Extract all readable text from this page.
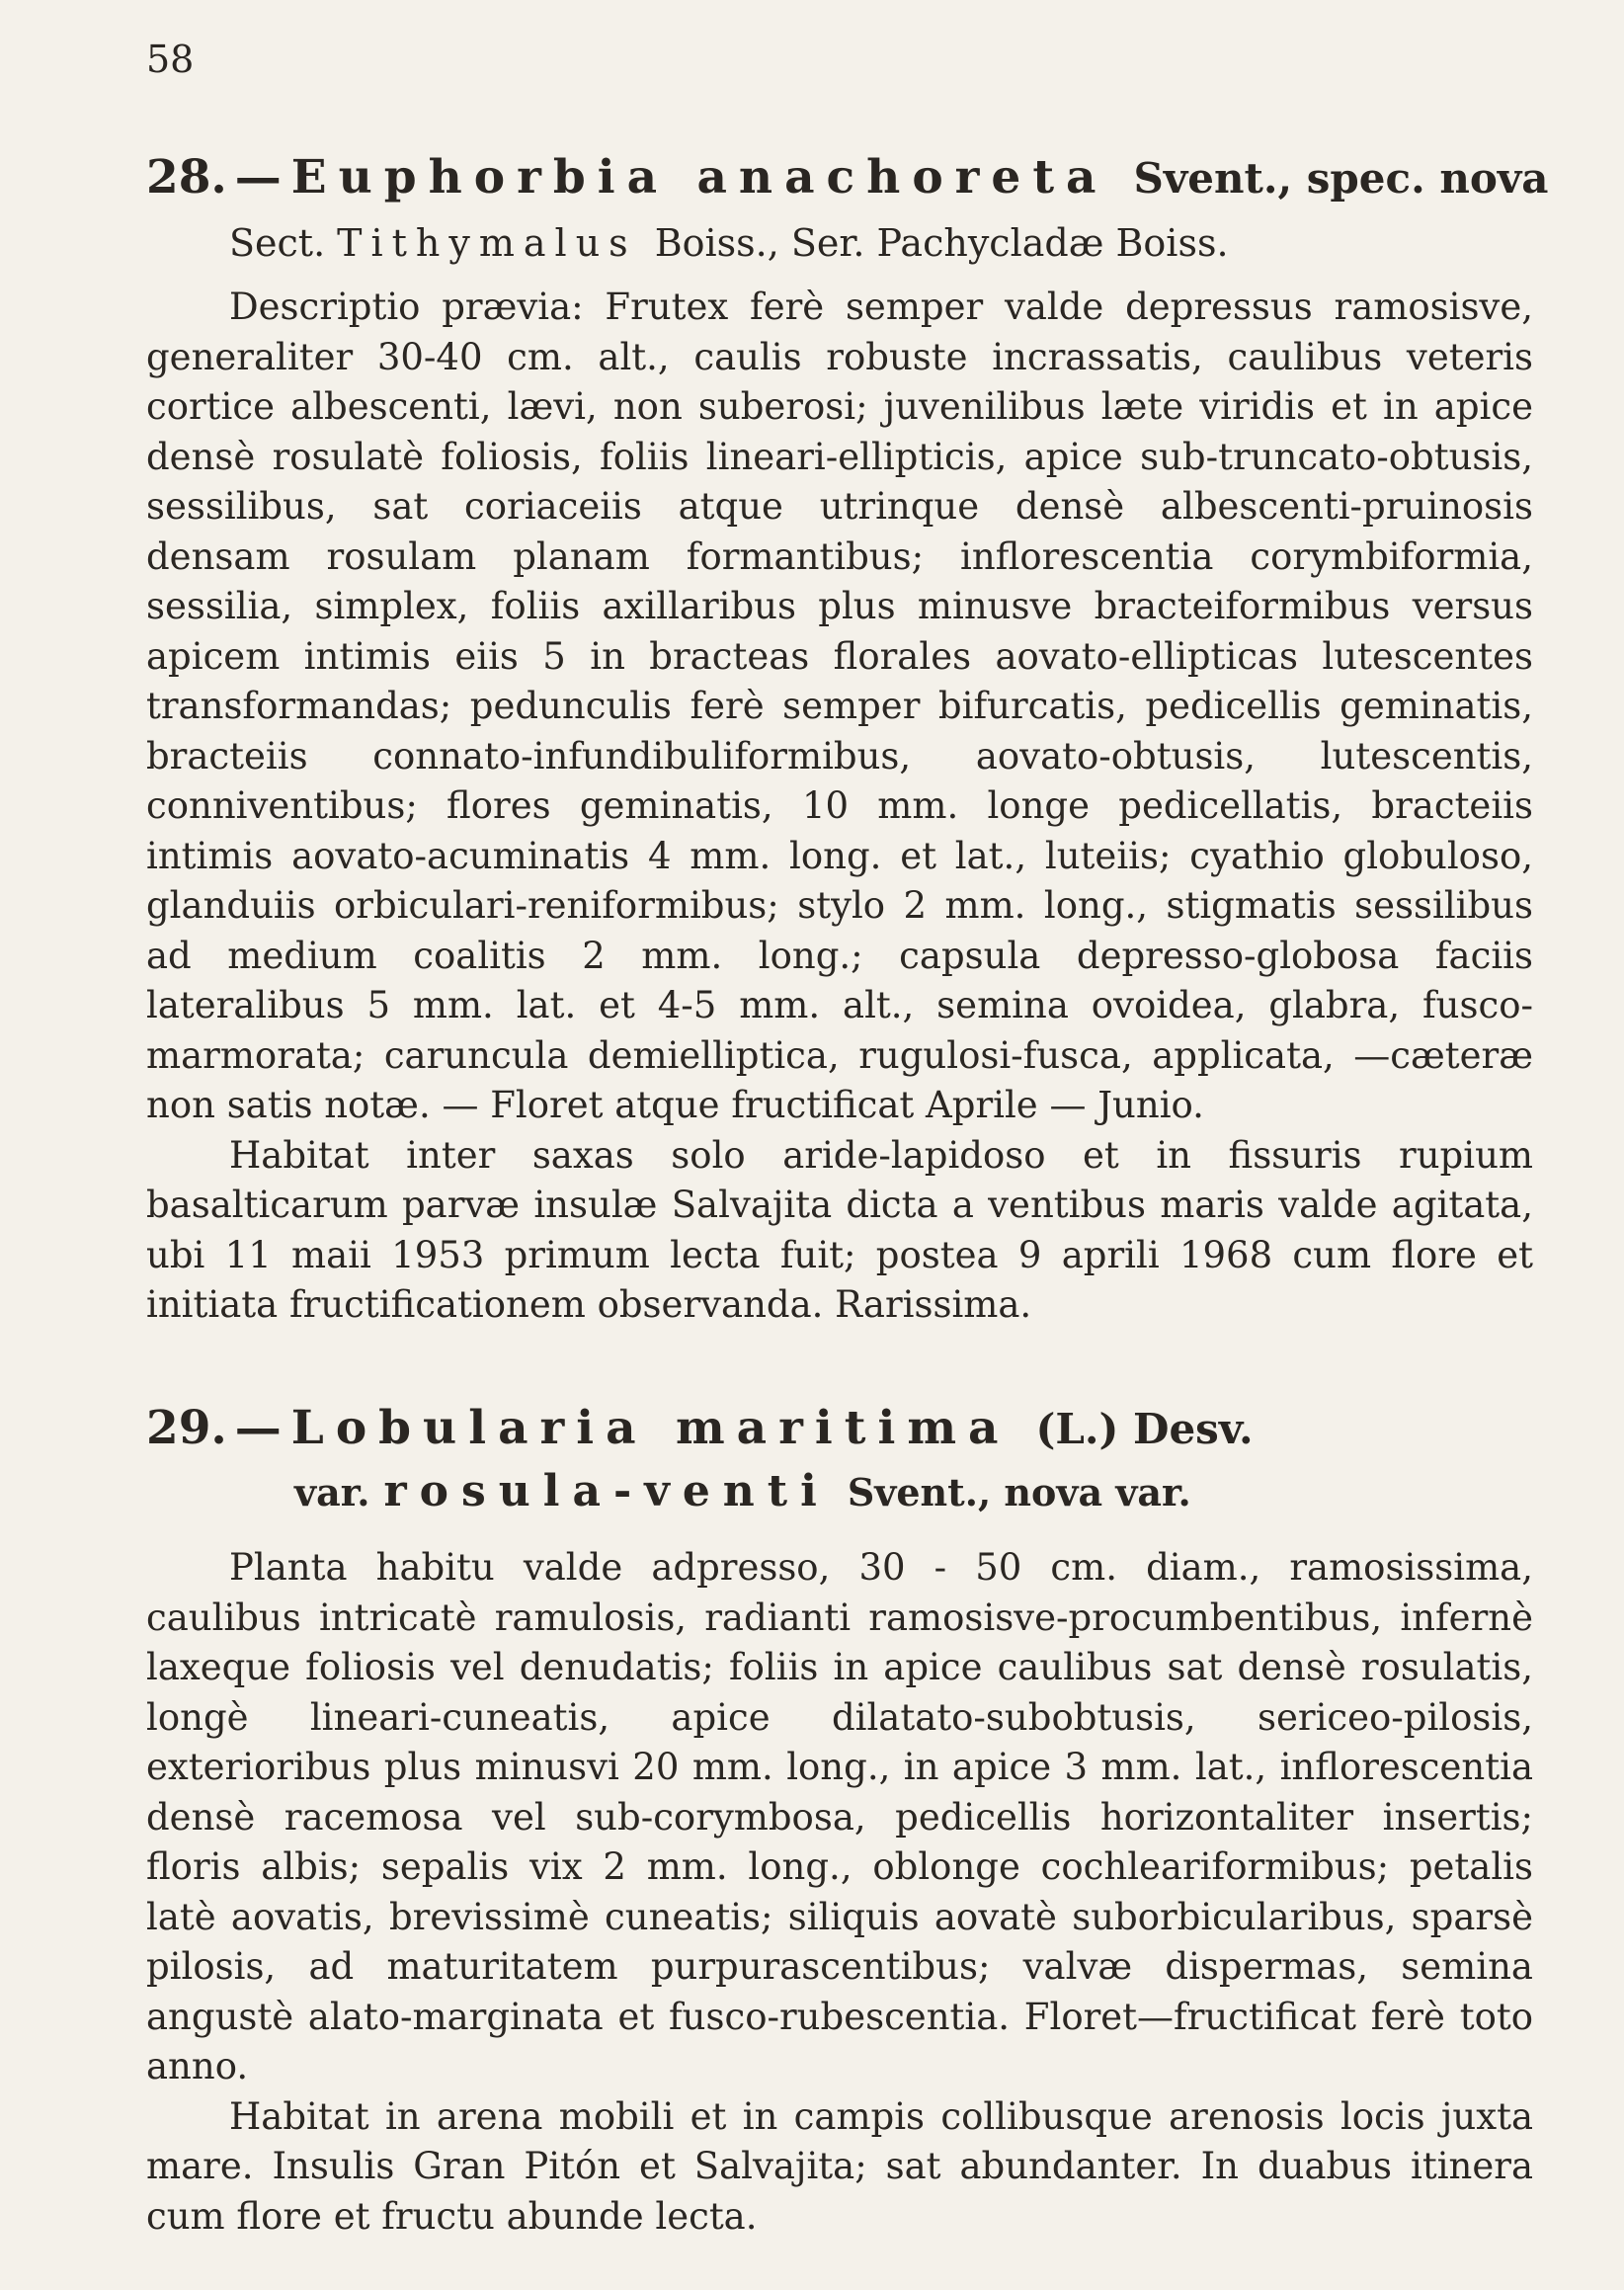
58
28. — Euphorbia anachoreta Svent., spec. nova
Sect. Tithymalus Boiss., Ser. Pachycladæ Boiss.

Descriptio prævia: Frutex ferè semper valde depressus ramosisve, generaliter 30-40 cm. alt., caulis robuste incrassatis, caulibus veteris cortice albescenti, lævi, non suberosi; juvenilibus læte viridis et in apice densè rosulatè foliosis, foliis lineari-ellipticis, apice sub-truncato-obtusis, sessilibus, sat coriaceiis atque utrinque densè albescenti-pruinosis densam rosulam planam formantibus; inflorescentia corymbiformia, sessilia, simplex, foliis axillaribus plus minusve bracteiformibus versus apicem intimis eiis 5 in bracteas florales aovato-ellipticas lutescentes transformandas; pedunculis ferè semper bifurcatis, pedicellis geminatis, bracteiis connato-infundibuliformibus, aovato-obtusis, lutescentis, conniventibus; flores geminatis, 10 mm. longe pedicellatis, bracteiis intimis aovato-acuminatis 4 mm. long. et lat., luteiis; cyathio globuloso, glanduiis orbiculari-reniformibus; stylo 2 mm. long., stigmatis sessilibus ad medium coalitis 2 mm. long.; capsula depresso-globosa faciis lateralibus 5 mm. lat. et 4-5 mm. alt., semina ovoidea, glabra, fusco-marmorata; caruncula demielliptica, rugulosi-fusca, applicata, —cæteræ non satis notæ. — Floret atque fructificat Aprile — Junio.

Habitat inter saxas solo aride-lapidoso et in fissuris rupium basalticarum parvæ insulæ Salvajita dicta a ventibus maris valde agitata, ubi 11 maii 1953 primum lecta fuit; postea 9 aprili 1968 cum flore et initiata fructificationem observanda. Rarissima.

29. — Lobularia maritima (L.) Desv.
var. rosula-venti Svent., nova var.

Planta habitu valde adpresso, 30 - 50 cm. diam., ramosissima, caulibus intricatè ramulosis, radianti ramosisve-procumbentibus, infernè laxeque foliosis vel denudatis; foliis in apice caulibus sat densè rosulatis, longè lineari-cuneatis, apice dilatato-subobtusis, sericeo-pilosis, exterioribus plus minusvi 20 mm. long., in apice 3 mm. lat., inflorescentia densè racemosa vel sub-corymbosa, pedicellis horizontaliter insertis; floris albis; sepalis vix 2 mm. long., oblonge cochleariformibus; petalis latè aovatis, brevissimè cuneatis; siliquis aovatè suborbicularibus, sparsè pilosis, ad maturitatem purpurascentibus; valvæ dispermas, semina angustè alato-marginata et fusco-rubescentia. Floret—fructificat ferè toto anno.

Habitat in arena mobili et in campis collibusque arenosis locis juxta mare. Insulis Gran Pitón et Salvajita; sat abundanter. In duabus itinera cum flore et fructu abunde lecta.
